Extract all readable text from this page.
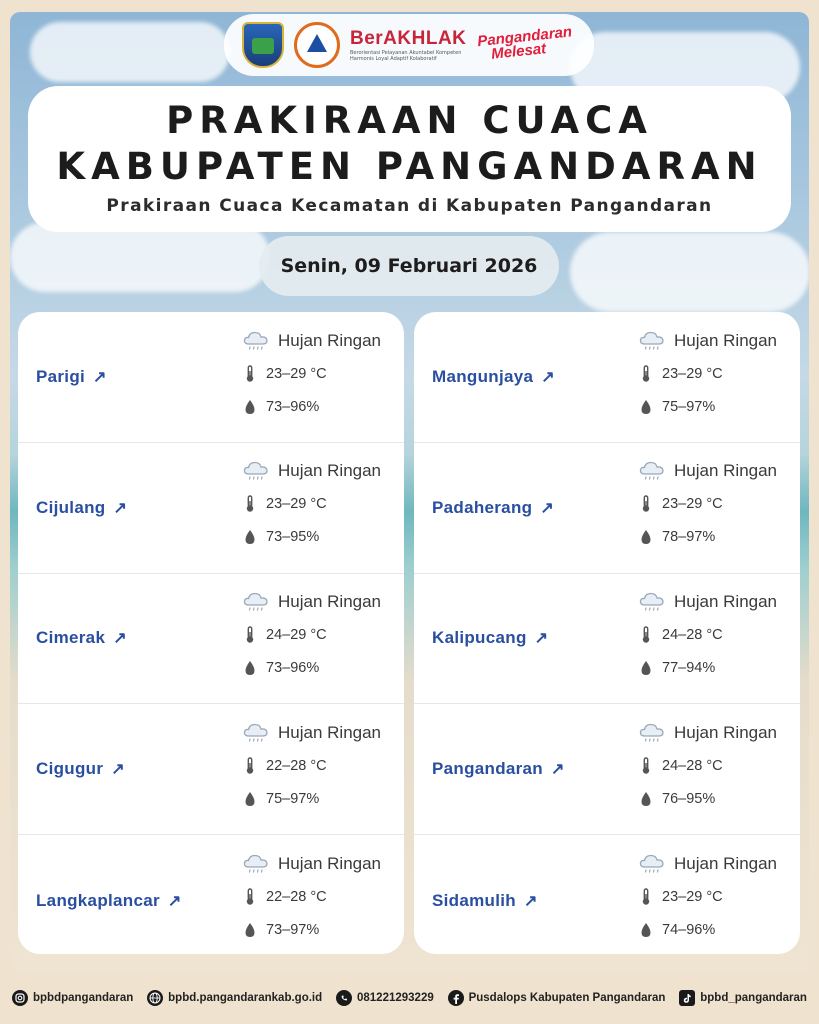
BerAKHLAK
Berorientasi Pelayanan Akuntabel Kompeten Harmonis Loyal Adaptif Kolaboratif
Pangandaran Melesat
PRAKIRAAN CUACA
KABUPATEN PANGANDARAN
Prakiraan Cuaca Kecamatan di Kabupaten Pangandaran
Senin, 09 Februari 2026
Parigi ↗
Hujan Ringan
23–29 °C
73–96%
Cijulang ↗
Hujan Ringan
23–29 °C
73–95%
Cimerak ↗
Hujan Ringan
24–29 °C
73–96%
Cigugur ↗
Hujan Ringan
22–28 °C
75–97%
Langkaplancar ↗
Hujan Ringan
22–28 °C
73–97%
Mangunjaya ↗
Hujan Ringan
23–29 °C
75–97%
Padaherang ↗
Hujan Ringan
23–29 °C
78–97%
Kalipucang ↗
Hujan Ringan
24–28 °C
77–94%
Pangandaran ↗
Hujan Ringan
24–28 °C
76–95%
Sidamulih ↗
Hujan Ringan
23–29 °C
74–96%
bpbdpangandaran	bpbd.pangandarankab.go.id	081221293229	Pusdalops Kabupaten Pangandaran	bpbd_pangandaran
